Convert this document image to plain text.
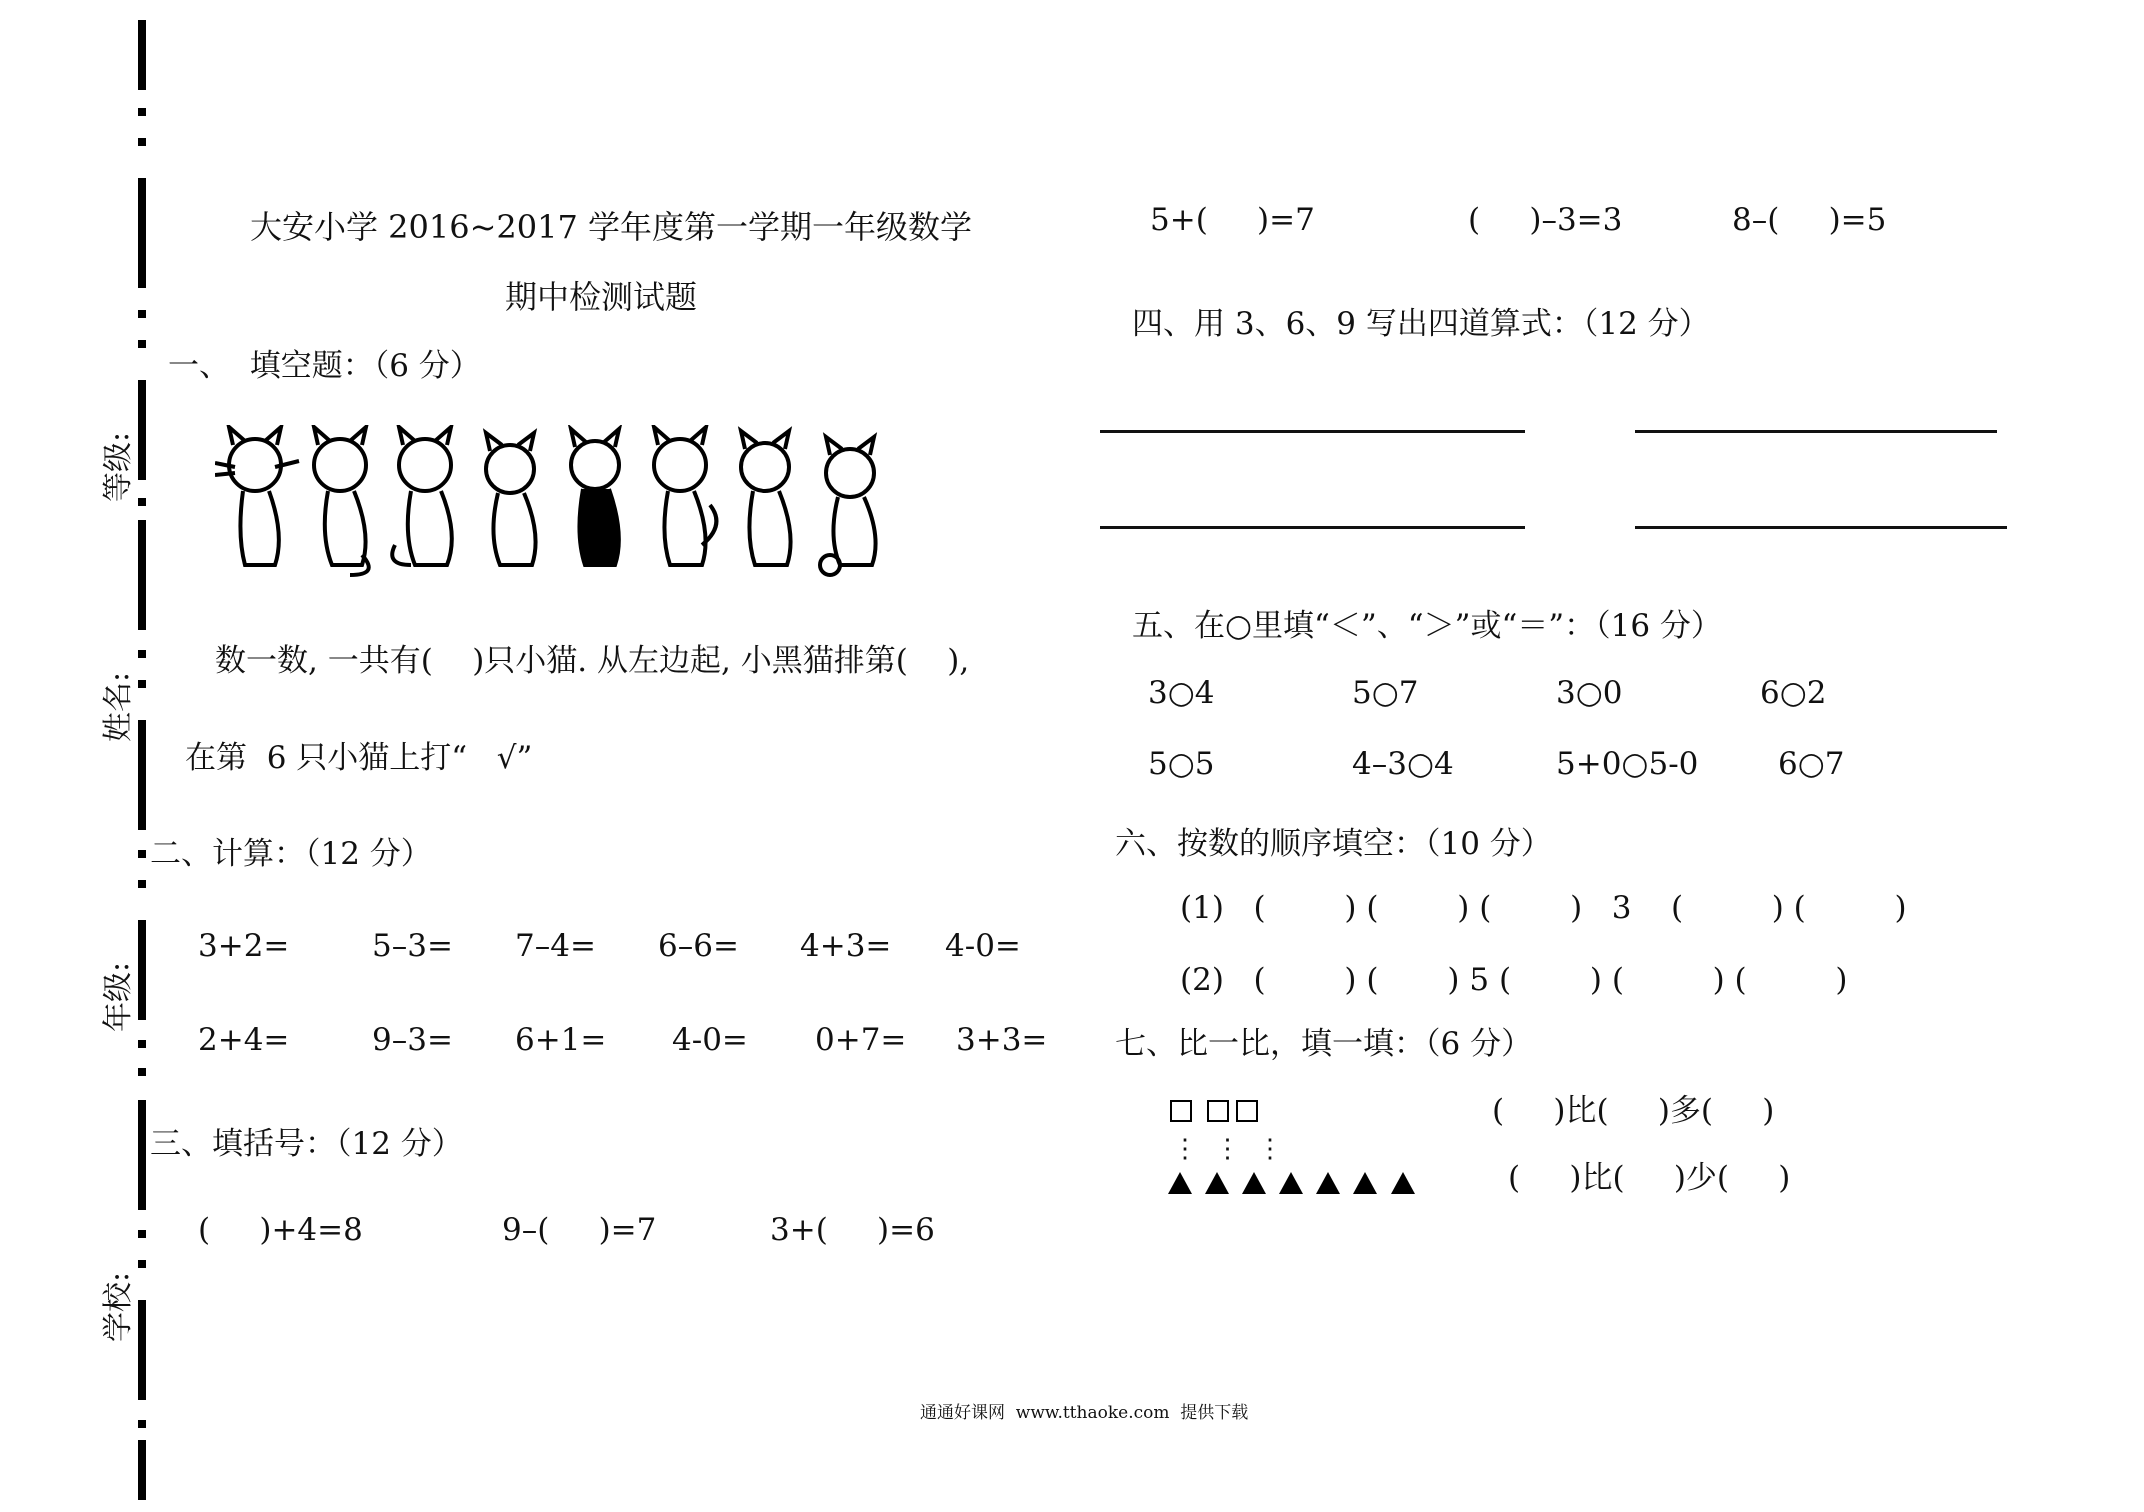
等级:
姓名:
年级:
学校:
大安小学 2016~2017 学年度第一学期一年级数学
期中检测试题
一、  填空题：（6 分）
数一数, 一共有(    )只小猫. 从左边起, 小黑猫排第(    ),
在第  6 只小猫上打“   √”
二、计算：（12 分）
3+2=	5–3= 7–4= 6–6= 4+3= 4-0=
2+4=	9–3= 6+1= 4-0= 0+7= 3+3=
三、填括号：（12 分）
(     )+4=8	9–(     )=7	3+(     )=6
5+(     )=7	(     )–3=3	8–(     )=5
四、用 3、6、9 写出四道算式：（12 分）
五、在○里填“＜”、“＞”或“＝”：（16 分）
3○4	5○7	3○0	6○2
5○5	4–3○4	5+0○5-0	6○7
六、按数的顺序填空：（10 分）
(1)   (        ) (        ) (        )   3    (         ) (         )
(2)   (        ) (       ) 5 (        ) (         ) (         )
七、比一比，填一填：（6 分）

⋮  ⋮  ⋮

(     )比(     )多(     )
(     )比(     )少(     )
通通好课网  www.tthaoke.com  提供下载
